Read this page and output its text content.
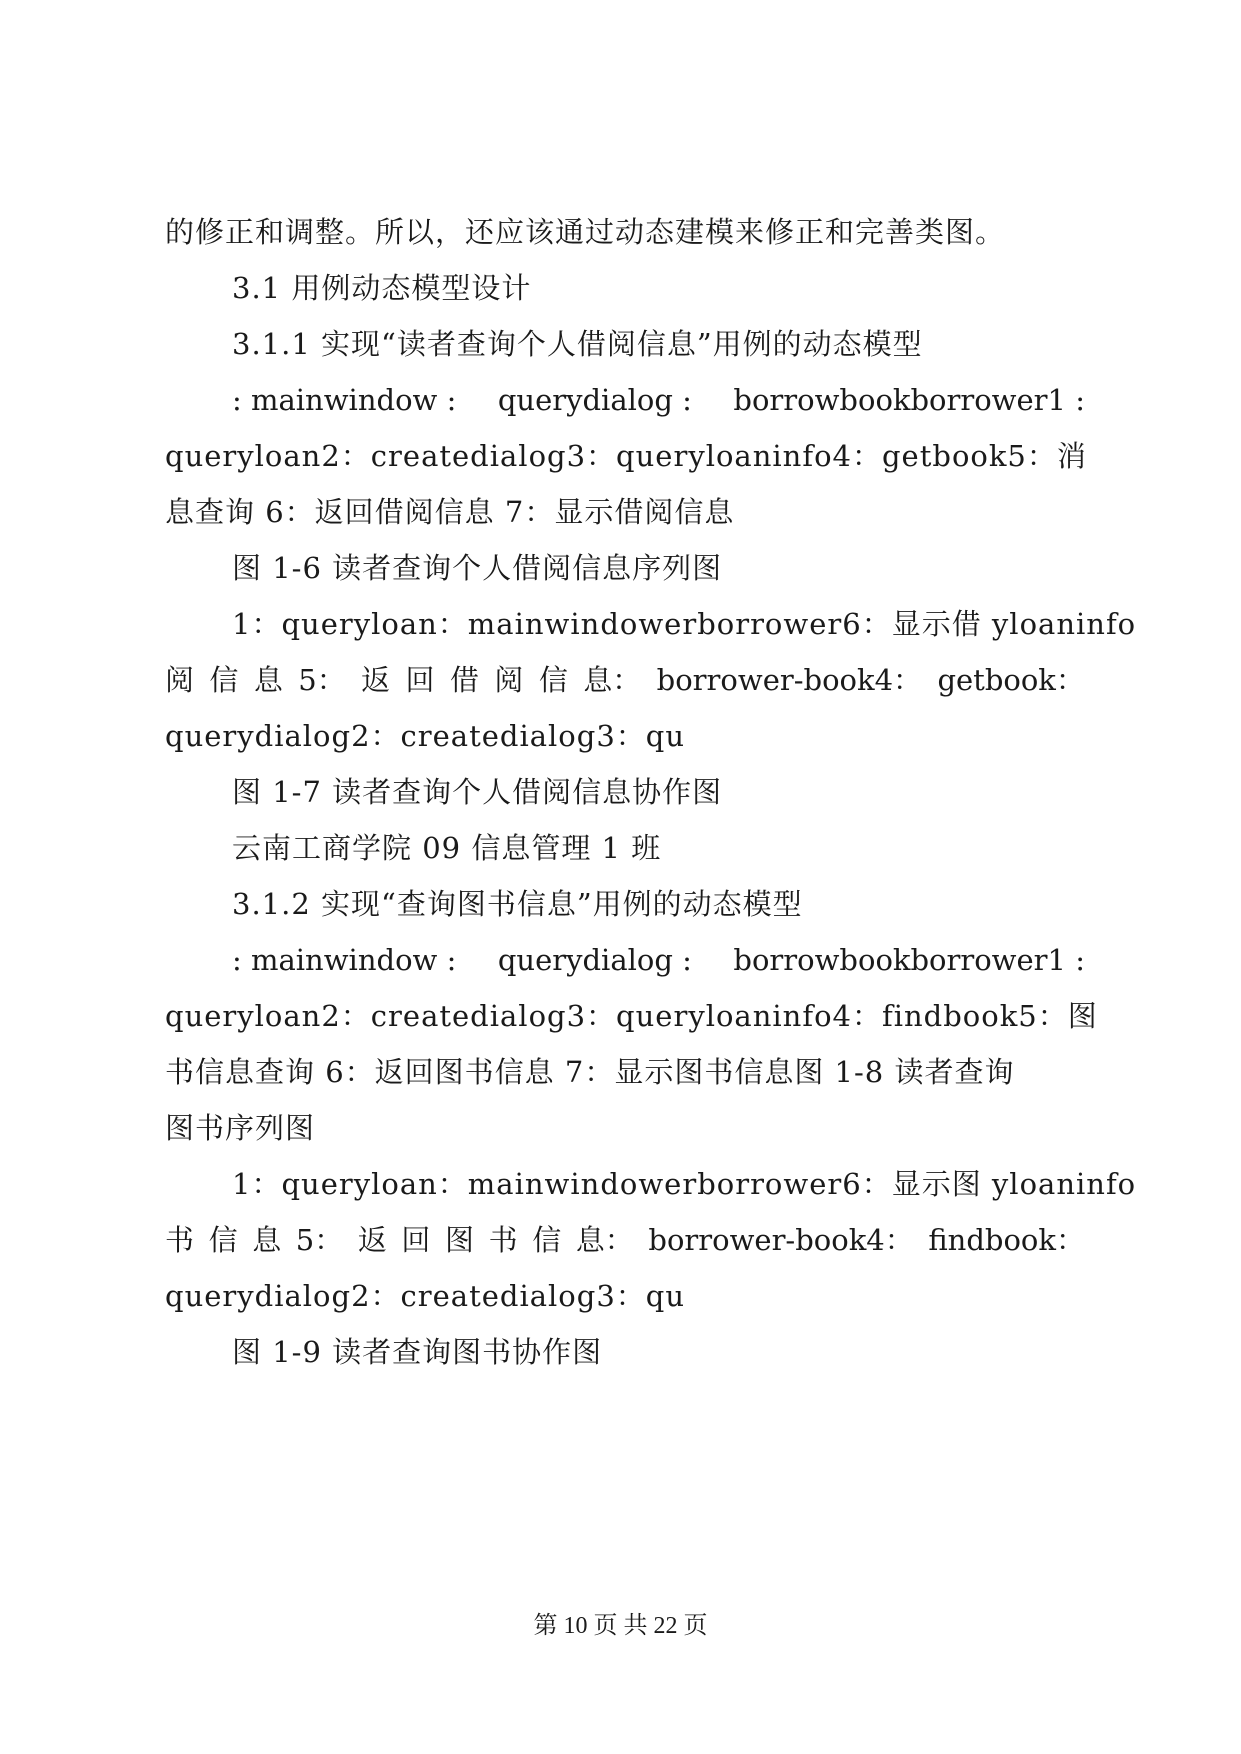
的修正和调整。所以，还应该通过动态建模来修正和完善类图。
3.1 用例动态模型设计
3.1.1 实现“读者查询个人借阅信息”用例的动态模型
: mainwindow : querydialog : borrowbookborrower1 :
queryloan2：createdialog3：queryloaninfo4：getbook5：消
息查询 6：返回借阅信息 7：显示借阅信息
图 1-6 读者查询个人借阅信息序列图
1：queryloan：mainwindowerborrower6：显示借 yloaninfo
阅 信 息 5： 返 回 借 阅 信 息： borrower-book4： getbook：
querydialog2：createdialog3：qu
图 1-7 读者查询个人借阅信息协作图
云南工商学院 09 信息管理 1 班
3.1.2 实现“查询图书信息”用例的动态模型
: mainwindow : querydialog : borrowbookborrower1 :
queryloan2：createdialog3：queryloaninfo4：findbook5：图
书信息查询 6：返回图书信息 7：显示图书信息图 1-8 读者查询
图书序列图
1：queryloan：mainwindowerborrower6：显示图 yloaninfo
书 信 息 5： 返 回 图 书 信 息： borrower-book4： findbook：
querydialog2：createdialog3：qu
图 1-9 读者查询图书协作图
第 10 页 共 22 页
